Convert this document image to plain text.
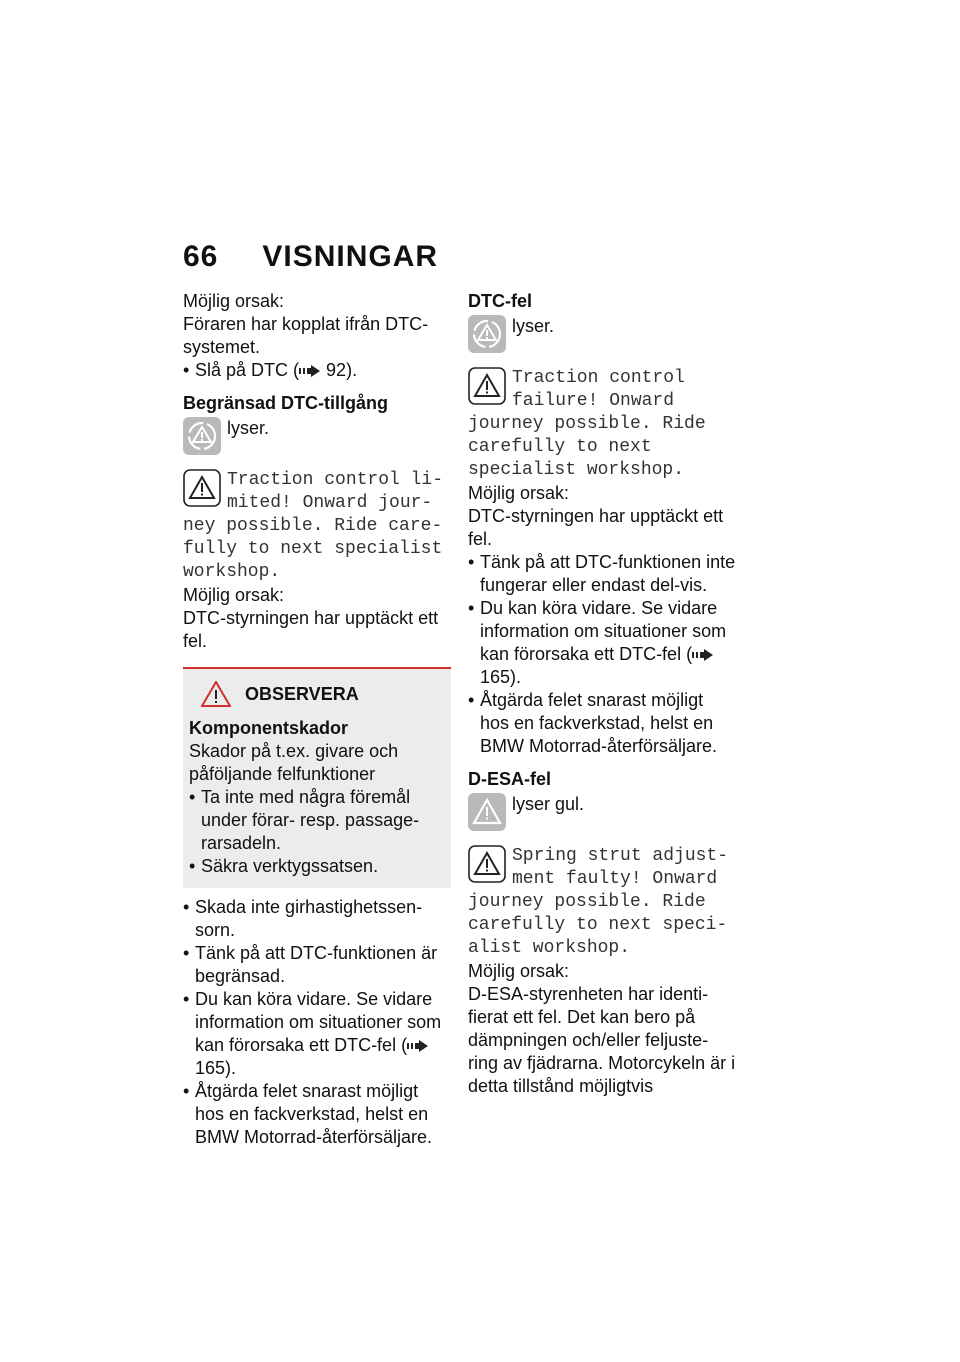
66 VISNINGAR

Möjlig orsak:

Föraren har kopplat ifrån DTC-systemet.

• Slå på DTC ( 92).

Begränsad DTC-tillgång

lyser.
Traction control li-
mited! Onward jour-
ney possible. Ride care-fully to next specialist workshop.

Möjlig orsak:

DTC-styrningen har upptäckt ett fel.

OBSERVERA

Komponentskador

Skador på t.ex. givare och påföljande felfunktioner

• Ta inte med några föremål under förar- resp. passage-rarsadeln.

• Säkra verktygssatsen.

• Skada inte girhastighetssen-sorn.

• Tänk på att DTC-funktionen är begränsad.

• Du kan köra vidare. Se vidare information om situationer som kan förorsaka ett DTC-fel ( 165).

• Åtgärda felet snarast möjligt hos en fackverkstad, helst en BMW Motorrad-återförsäljare.

DTC-fel

lyser.
Traction control
failure! Onward
journey possible. Ride carefully to next specialist workshop.

Möjlig orsak:

DTC-styrningen har upptäckt ett fel.

• Tänk på att DTC-funktionen inte fungerar eller endast del-vis.

• Du kan köra vidare. Se vidare information om situationer som kan förorsaka ett DTC-fel ( 165).

• Åtgärda felet snarast möjligt hos en fackverkstad, helst en BMW Motorrad-återförsäljare.

D-ESA-fel

lyser gul.
Spring strut adjust-
ment faulty! Onward
journey possible. Ride carefully to next speci-alist workshop.

Möjlig orsak:

D-ESA-styrenheten har identi-fierat ett fel. Det kan bero på dämpningen och/eller feljuste-ring av fjädrarna. Motorcykeln är i detta tillstånd möjligtvis
